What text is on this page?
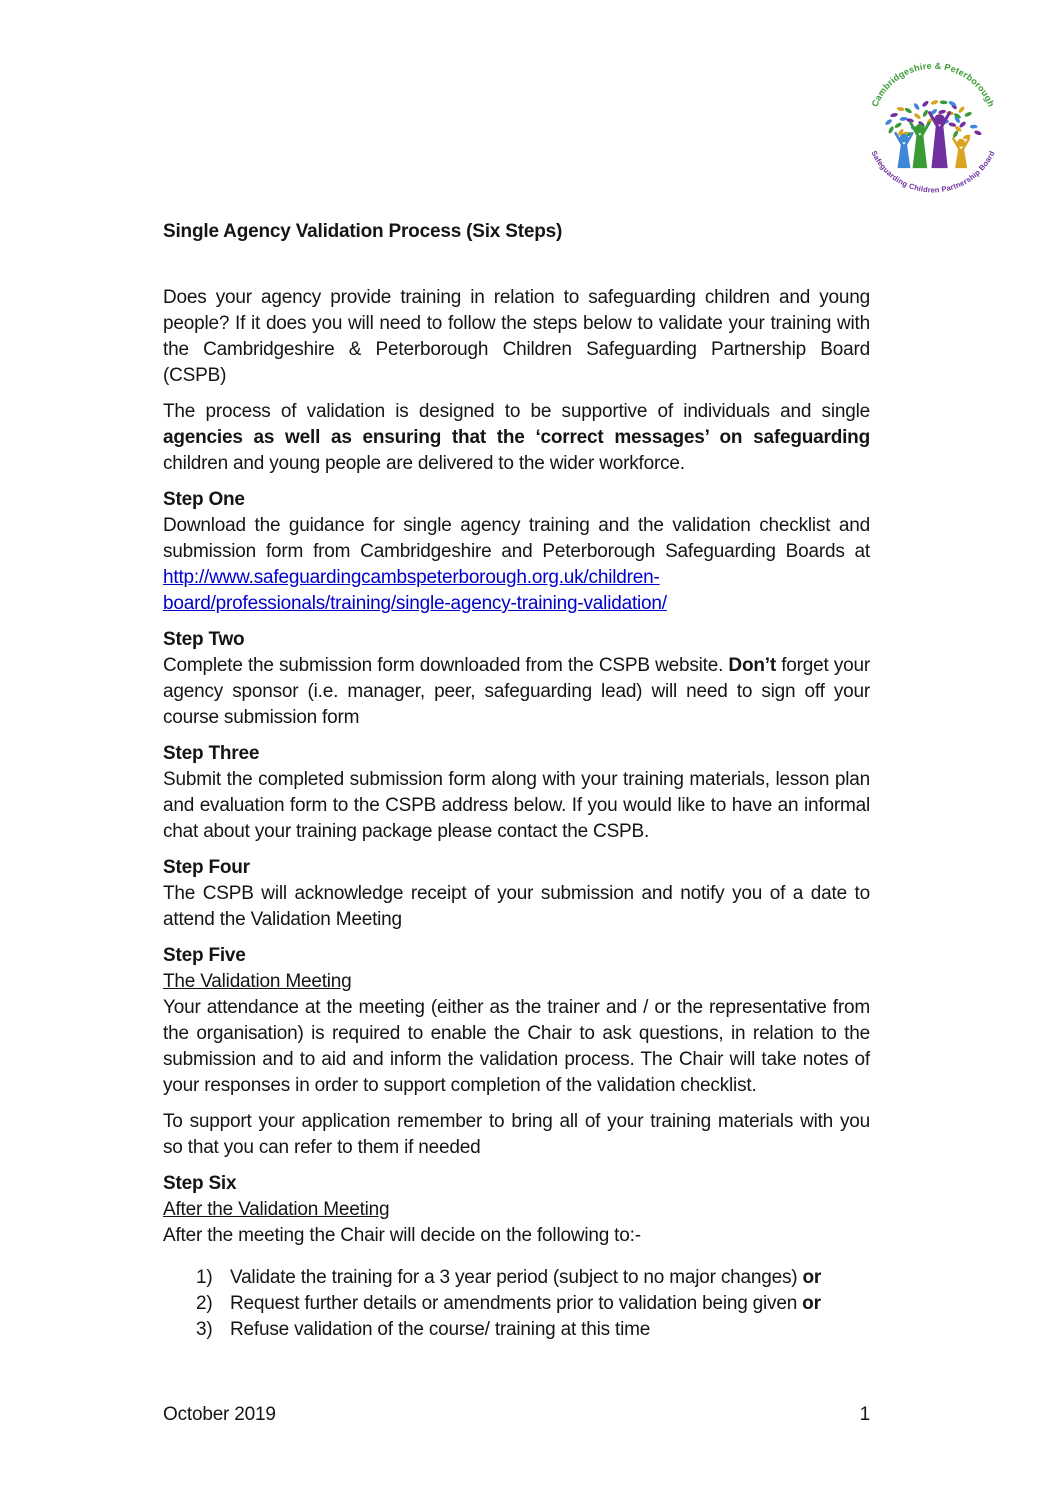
Cambridgeshire & Peterborough
Safeguarding Children Partnership Board
Single Agency Validation Process (Six Steps)

Does your agency provide training in relation to safeguarding children and young people? If it does you will need to follow the steps below to validate your training with the Cambridgeshire & Peterborough Children Safeguarding Partnership Board (CSPB)

The process of validation is designed to be supportive of individuals and single agencies as well as ensuring that the ‘correct messages’ on safeguarding children and young people are delivered to the wider workforce.

Step One

Download the guidance for single agency training and the validation checklist and submission form from Cambridgeshire and Peterborough Safeguarding Boards at http://www.safeguardingcambspeterborough.org.uk/children-
board/professionals/training/single-agency-training-validation/

Step Two

Complete the submission form downloaded from the CSPB website. Don’t forget your agency sponsor (i.e. manager, peer, safeguarding lead) will need to sign off your course submission form

Step Three

Submit the completed submission form along with your training materials, lesson plan and evaluation form to the CSPB address below. If you would like to have an informal chat about your training package please contact the CSPB.

Step Four

The CSPB will acknowledge receipt of your submission and notify you of a date to attend the Validation Meeting

Step Five
The Validation Meeting

Your attendance at the meeting (either as the trainer and / or the representative from the organisation) is required to enable the Chair to ask questions, in relation to the submission and to aid and inform the validation process. The Chair will take notes of your responses in order to support completion of the validation checklist.

To support your application remember to bring all of your training materials with you so that you can refer to them if needed

Step Six
After the Validation Meeting

After the meeting the Chair will decide on the following to:-

1) Validate the training for a 3 year period (subject to no major changes) or
2) Request further details or amendments prior to validation being given or
3) Refuse validation of the course/ training at this time
October 2019	1
